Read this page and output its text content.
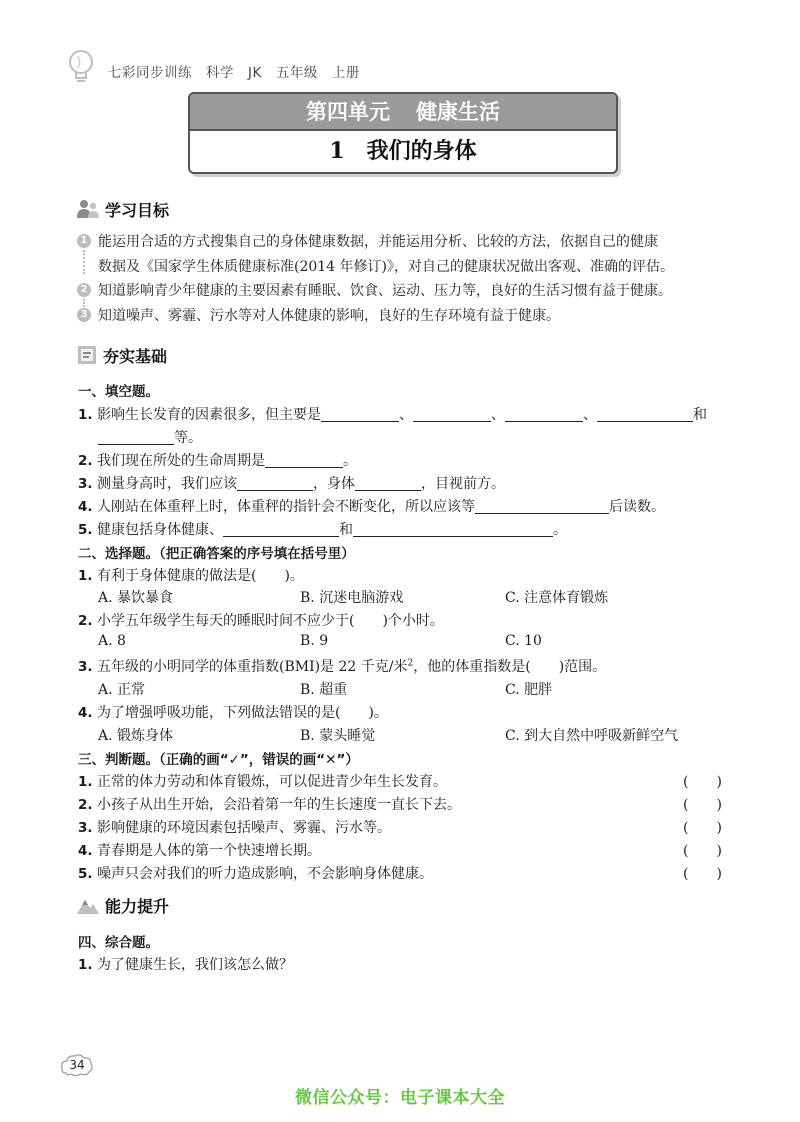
七彩同步训练　科学　JK　五年级　上册
第四单元 健康生活
1 我们的身体
学习目标
1 能运用合适的方式搜集自己的身体健康数据，并能运用分析、比较的方法，依据自己的健康
数据及《国家学生体质健康标准(2014 年修订)》，对自己的健康状况做出客观、准确的评估。
2 知道影响青少年健康的主要因素有睡眠、饮食、运动、压力等，良好的生活习惯有益于健康。
3 知道噪声、雾霾、污水等对人体健康的影响，良好的生存环境有益于健康。
夯实基础
一、填空题。
1. 影响生长发育的因素很多，但主要是	、	、	、	和
等。
2. 我们现在所处的生命周期是	。
3. 测量身高时，我们应该	，身体	，目视前方。
4. 人刚站在体重秤上时，体重秤的指针会不断变化，所以应该等	后读数。
5. 健康包括身体健康、	和	。
二、选择题。（把正确答案的序号填在括号里）
1. 有利于身体健康的做法是(　　)。
A. 暴饮暴食	B. 沉迷电脑游戏	C. 注意体育锻炼
2. 小学五年级学生每天的睡眠时间不应少于(　　)个小时。
A. 8	B. 9	C. 10
3. 五年级的小明同学的体重指数(BMI)是 22 千克/米$^2$，他的体重指数是(　　)范围。
A. 正常	B. 超重	C. 肥胖
4. 为了增强呼吸功能，下列做法错误的是(　　)。
A. 锻炼身体	B. 蒙头睡觉	C. 到大自然中呼吸新鲜空气
三、判断题。（正确的画“✓”，错误的画“✕”）
1. 正常的体力劳动和体育锻炼，可以促进青少年生长发育。	(　　)
2. 小孩子从出生开始，会沿着第一年的生长速度一直长下去。	(　　)
3. 影响健康的环境因素包括噪声、雾霾、污水等。	(　　)
4. 青春期是人体的第一个快速增长期。	(　　)
5. 噪声只会对我们的听力造成影响，不会影响身体健康。	(　　)
能力提升
四、综合题。
1. 为了健康生长，我们该怎么做？
34
微信公众号：电子课本大全
